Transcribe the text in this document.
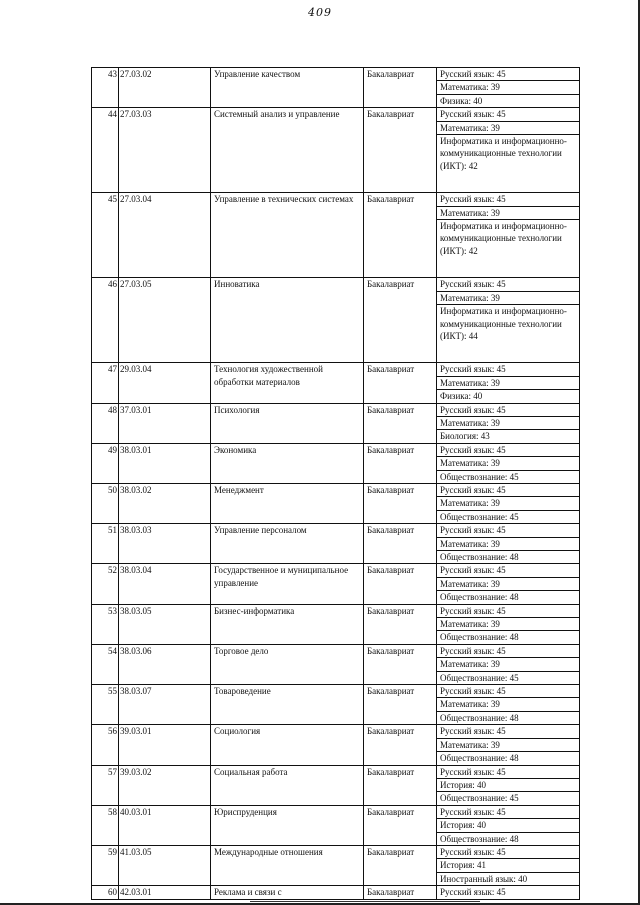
409
43	27.03.02	Управление качеством	Бакалавриат	Русский язык: 45
				Математика: 39
				Физика: 40
44	27.03.03	Системный анализ и управление	Бакалавриат	Русский язык: 45
				Математика: 39
				Информатика и информационно-коммуникационные технологии (ИКТ): 42
45	27.03.04	Управление в технических системах	Бакалавриат	Русский язык: 45
				Математика: 39
				Информатика и информационно-коммуникационные технологии (ИКТ): 42
46	27.03.05	Инноватика	Бакалавриат	Русский язык: 45
				Математика: 39
				Информатика и информационно-коммуникационные технологии (ИКТ): 44
47	29.03.04	Технология художественной обработки материалов	Бакалавриат	Русский язык: 45
				Математика: 39
				Физика: 40
48	37.03.01	Психология	Бакалавриат	Русский язык: 45
				Математика: 39
				Биология: 43
49	38.03.01	Экономика	Бакалавриат	Русский язык: 45
				Математика: 39
				Обществознание: 45
50	38.03.02	Менеджмент	Бакалавриат	Русский язык: 45
				Математика: 39
				Обществознание: 45
51	38.03.03	Управление персоналом	Бакалавриат	Русский язык: 45
				Математика: 39
				Обществознание: 48
52	38.03.04	Государственное и муниципальное управление	Бакалавриат	Русский язык: 45
				Математика: 39
				Обществознание: 48
53	38.03.05	Бизнес-информатика	Бакалавриат	Русский язык: 45
				Математика: 39
				Обществознание: 48
54	38.03.06	Торговое дело	Бакалавриат	Русский язык: 45
				Математика: 39
				Обществознание: 45
55	38.03.07	Товароведение	Бакалавриат	Русский язык: 45
				Математика: 39
				Обществознание: 48
56	39.03.01	Социология	Бакалавриат	Русский язык: 45
				Математика: 39
				Обществознание: 48
57	39.03.02	Социальная работа	Бакалавриат	Русский язык: 45
				История: 40
				Обществознание: 45
58	40.03.01	Юриспруденция	Бакалавриат	Русский язык: 45
				История: 40
				Обществознание: 48
59	41.03.05	Международные отношения	Бакалавриат	Русский язык: 45
				История: 41
				Иностранный язык: 40
60	42.03.01	Реклама и связи с	Бакалавриат	Русский язык: 45
